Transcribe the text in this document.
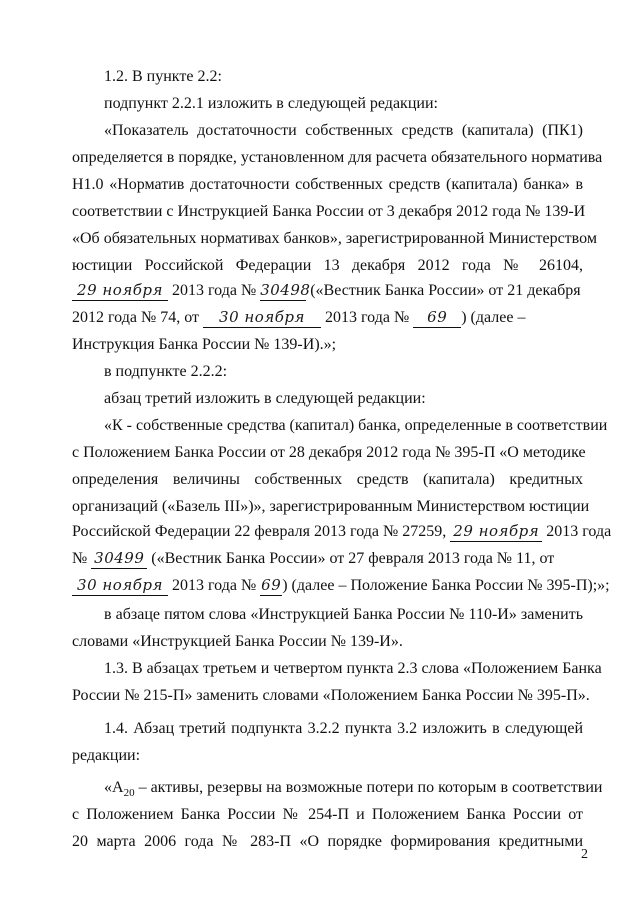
1.2. В пункте 2.2:
подпункт 2.2.1 изложить в следующей редакции:
«Показатель достаточности собственных средств (капитала) (ПК1)
определяется в порядке, установленном для расчета обязательного норматива
Н1.0 «Норматив достаточности собственных средств (капитала) банка» в
соответствии с Инструкцией Банка России от 3 декабря 2012 года № 139-И
«Об обязательных нормативах банков», зарегистрированной Министерством
юстиции Российской Федерации 13 декабря 2012 года № 26104,
29 ноября 2013 года № 30498 («Вестник Банка России» от 21 декабря
2012 года № 74, от 30 ноября 2013 года № 69 ) (далее –
Инструкция Банка России № 139-И).»;
в подпункте 2.2.2:
абзац третий изложить в следующей редакции:
«К - собственные средства (капитал) банка, определенные в соответствии
с Положением Банка России от 28 декабря 2012 года № 395-П «О методике
определения величины собственных средств (капитала) кредитных
организаций («Базель III»)», зарегистрированным Министерством юстиции
Российской Федерации 22 февраля 2013 года № 27259, 29 ноября 2013 года
№ 30499 («Вестник Банка России» от 27 февраля 2013 года № 11, от
30 ноября 2013 года № 69) (далее – Положение Банка России № 395-П);»;
в абзаце пятом слова «Инструкцией Банка России № 110-И» заменить
словами «Инструкцией Банка России № 139-И».
1.3. В абзацах третьем и четвертом пункта 2.3 слова «Положением Банка
России № 215-П» заменить словами «Положением Банка России № 395-П».
1.4. Абзац третий подпункта 3.2.2 пункта 3.2 изложить в следующей
редакции:
«$А_{20}$ – активы, резервы на возможные потери по которым в соответствии
с Положением Банка России № 254-П и Положением Банка России от
20 марта 2006 года № 283-П «О порядке формирования кредитными
2
